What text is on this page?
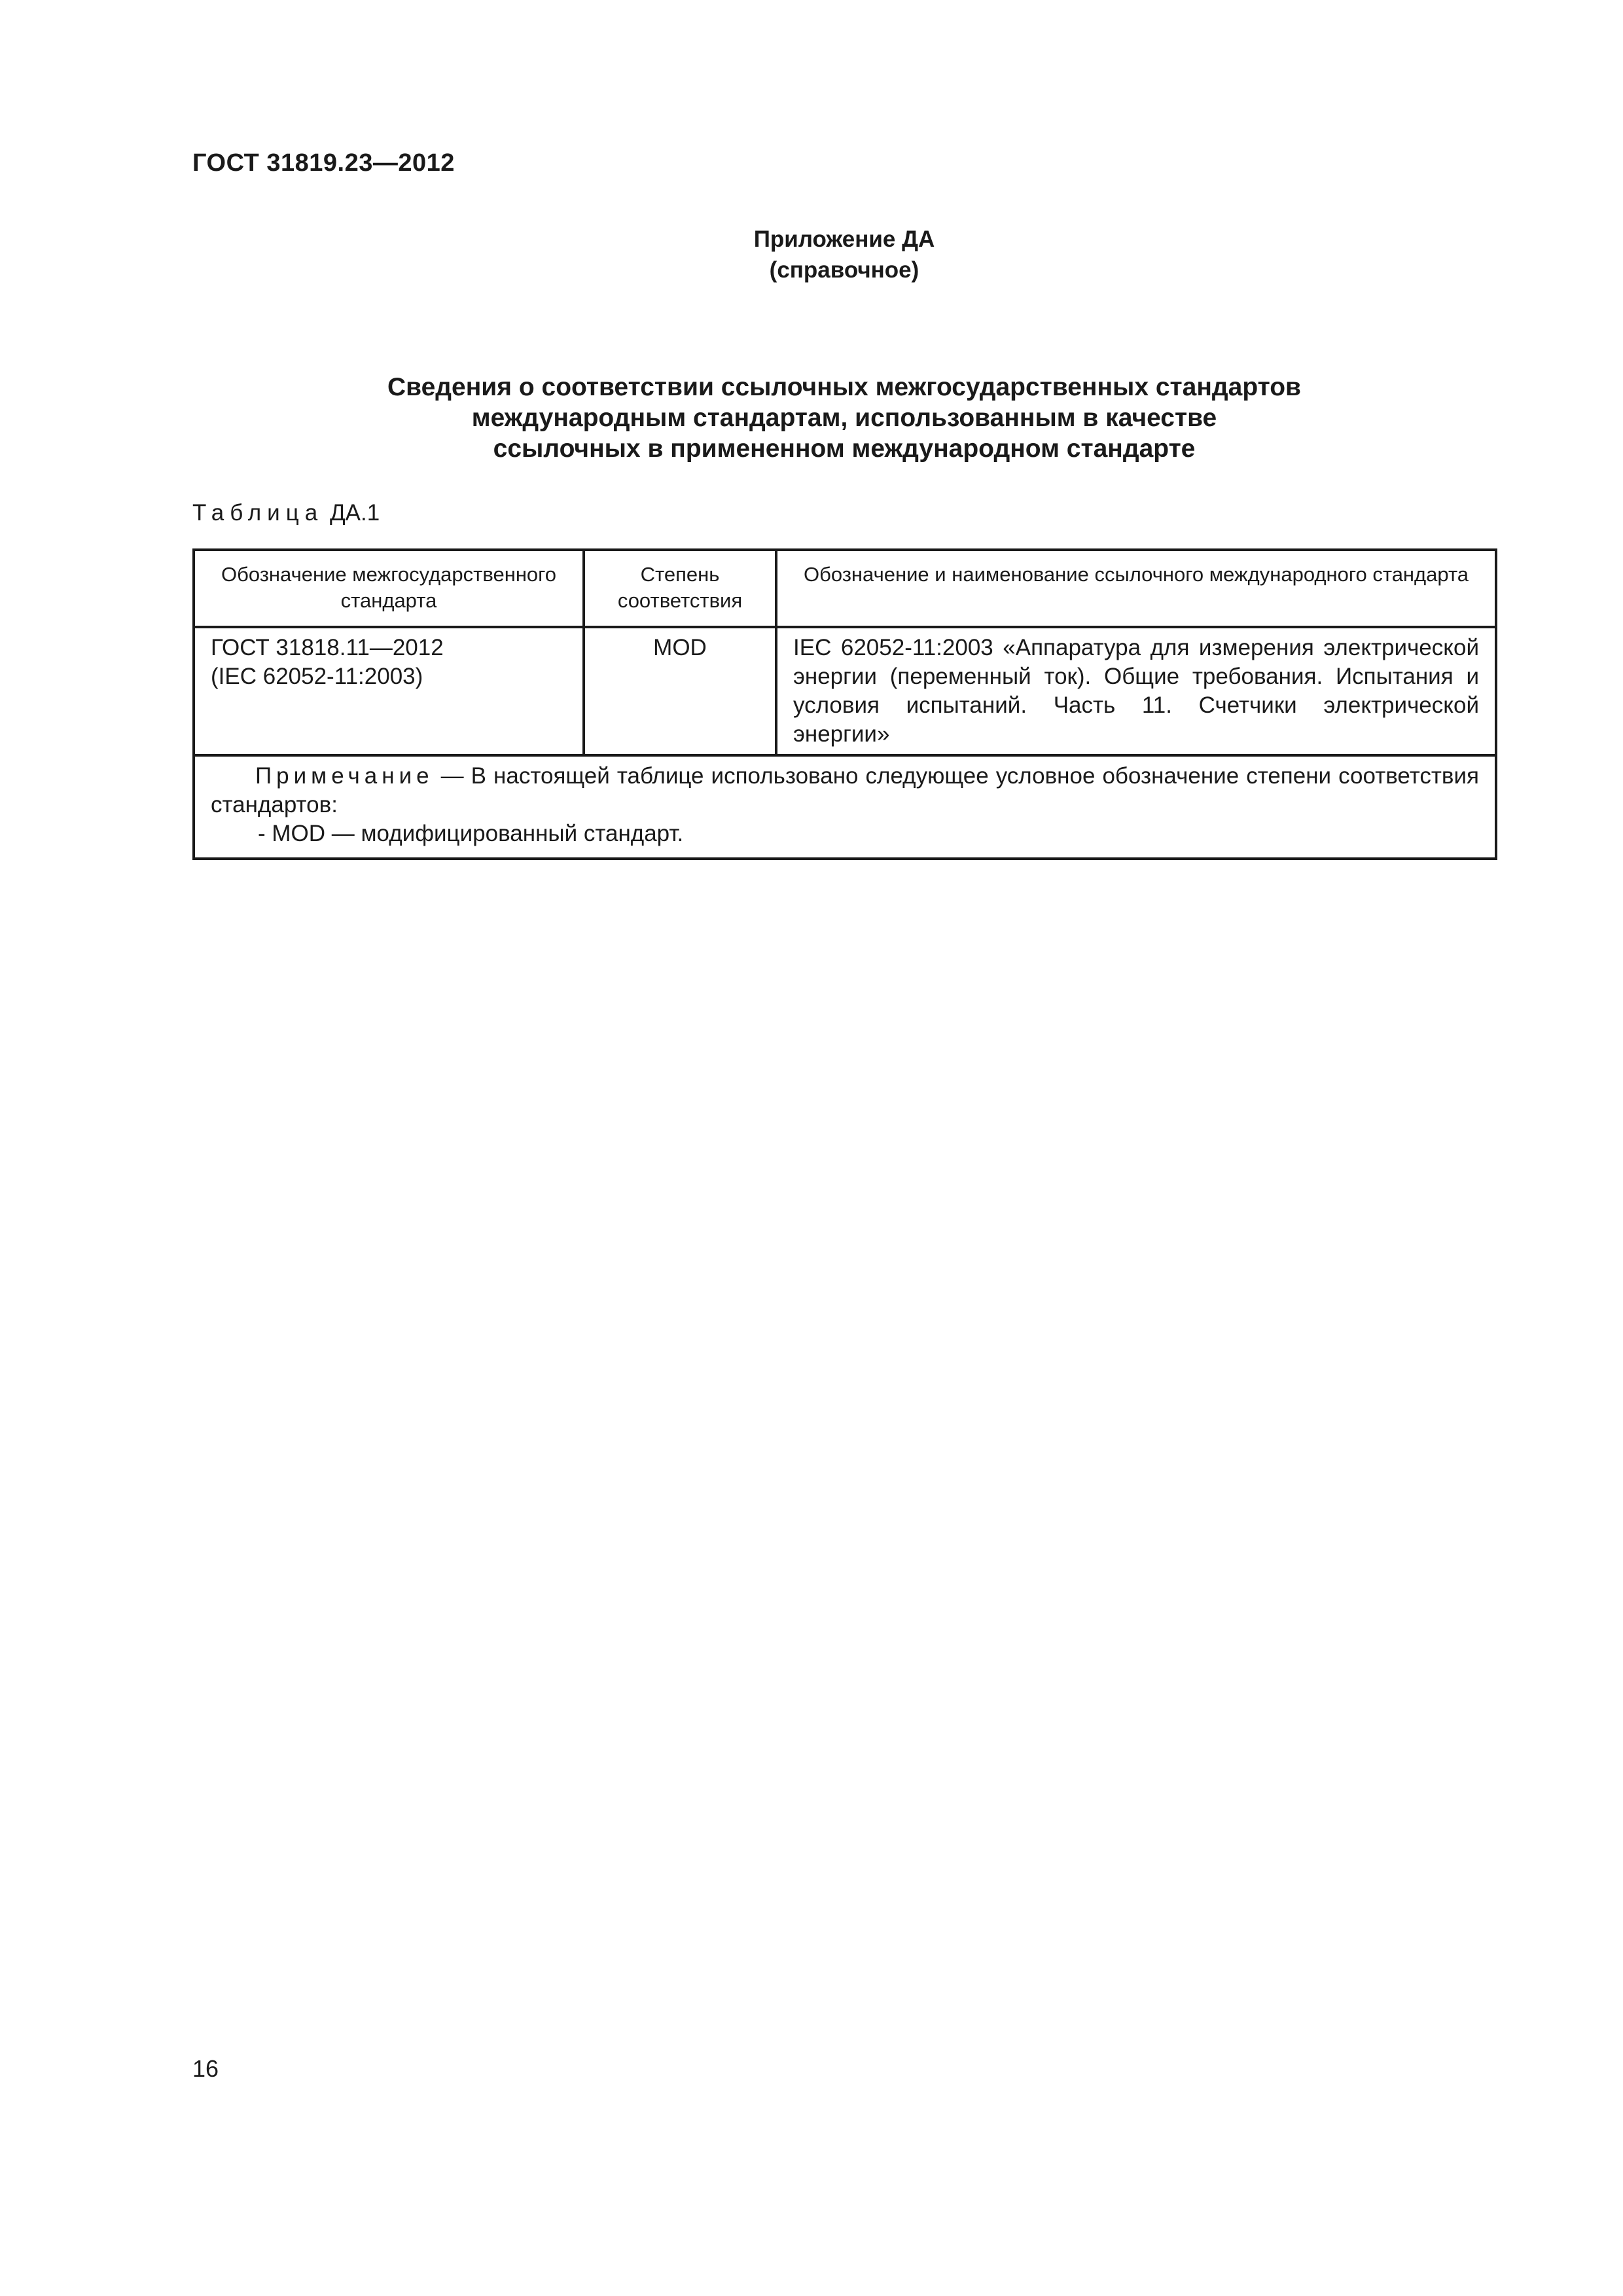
ГОСТ 31819.23—2012
Приложение ДА
(справочное)
Сведения о соответствии ссылочных межгосударственных стандартов
международным стандартам, использованным в качестве
ссылочных в примененном международном стандарте
Таблица ДА.1
Обозначение межгосударственного стандарта	Степень соответствия	Обозначение и наименование ссылочного международного стандарта

ГОСТ 31818.11—2012
(IEC 62052-11:2003)	MOD	IEC 62052-11:2003 «Аппаратура для измерения электрической энергии (переменный ток). Общие требования. Испытания и условия испытаний. Часть 11. Счетчики электрической энергии»

Примечание — В настоящей таблице использовано следующее условное обозначение степени соответствия стандартов:
- MOD — модифицированный стандарт.		
16
